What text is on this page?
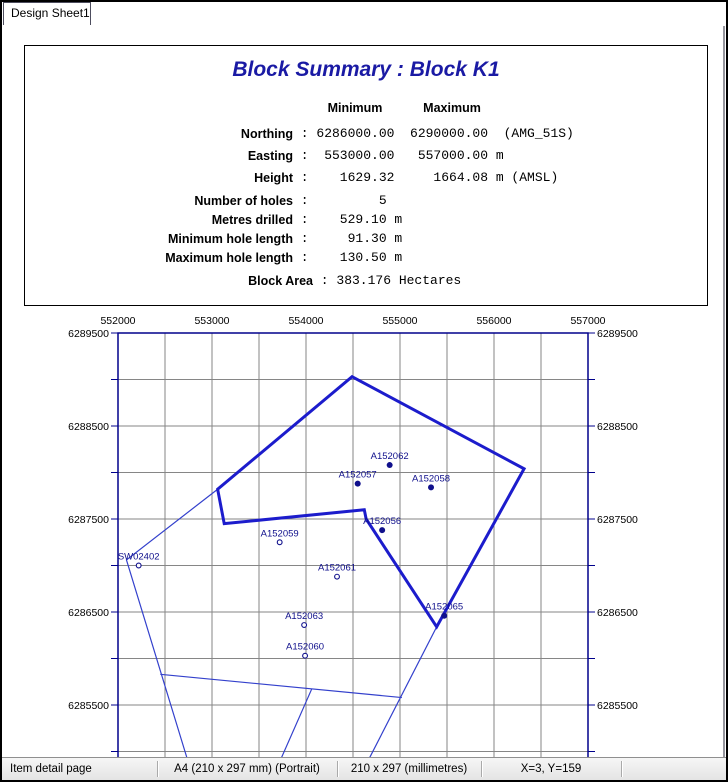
Design Sheet1
Block Summary : Block K1
Minimum	Maximum
Northing : 6286000.00  6290000.00  (AMG_51S)
Easting :  553000.00   557000.00 m
Height :    1629.32     1664.08 m (AMSL)
Number of holes :         5
Metres drilled :    529.10 m
Minimum hole length :     91.30 m
Maximum hole length :    130.50 m
Block Area : 383.176 Hectares
552000	553000	554000	555000	556000	557000
6289500	6289500
6288500	6288500
6287500	6287500
6286500	6286500
6285500	6285500
A152062
A152057	A152058
A152056
A152065
A152059
SW02402
A152061
A152063
A152060
Item detail page	A4 (210 x 297 mm) (Portrait)	210 x 297 (millimetres)	X=3, Y=159
